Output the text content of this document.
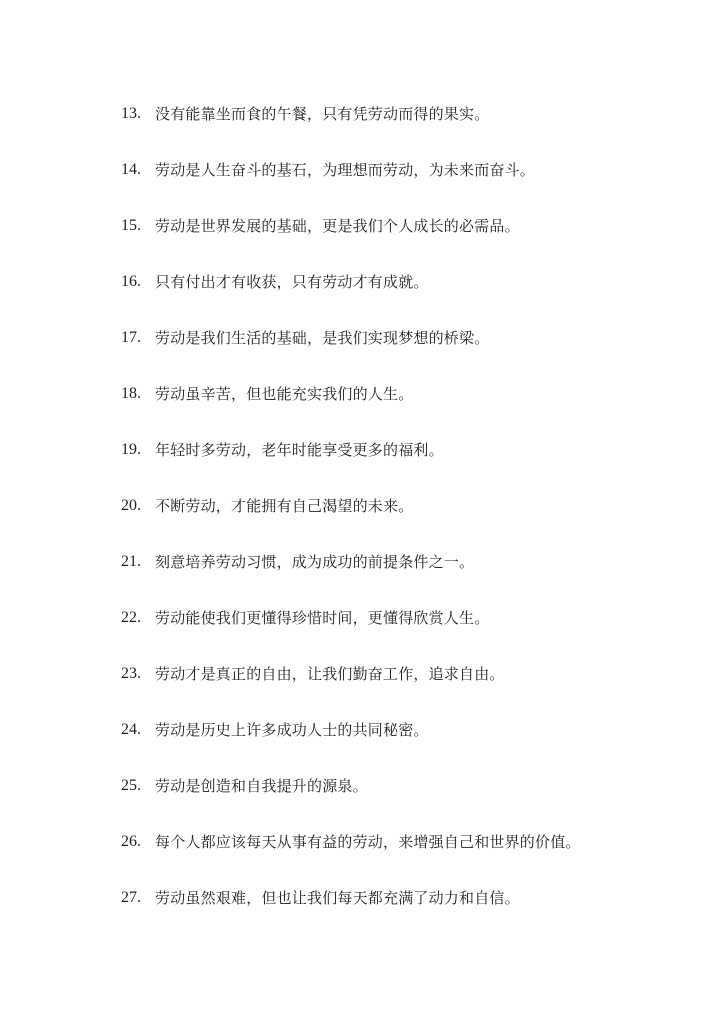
13. 没有能靠坐而食的午餐，只有凭劳动而得的果实。
14. 劳动是人生奋斗的基石，为理想而劳动，为未来而奋斗。
15. 劳动是世界发展的基础，更是我们个人成长的必需品。
16. 只有付出才有收获，只有劳动才有成就。
17. 劳动是我们生活的基础，是我们实现梦想的桥梁。
18. 劳动虽辛苦，但也能充实我们的人生。
19. 年轻时多劳动，老年时能享受更多的福利。
20. 不断劳动，才能拥有自己渴望的未来。
21. 刻意培养劳动习惯，成为成功的前提条件之一。
22. 劳动能使我们更懂得珍惜时间，更懂得欣赏人生。
23. 劳动才是真正的自由，让我们勤奋工作，追求自由。
24. 劳动是历史上许多成功人士的共同秘密。
25. 劳动是创造和自我提升的源泉。
26. 每个人都应该每天从事有益的劳动，来增强自己和世界的价值。
27. 劳动虽然艰难，但也让我们每天都充满了动力和自信。
